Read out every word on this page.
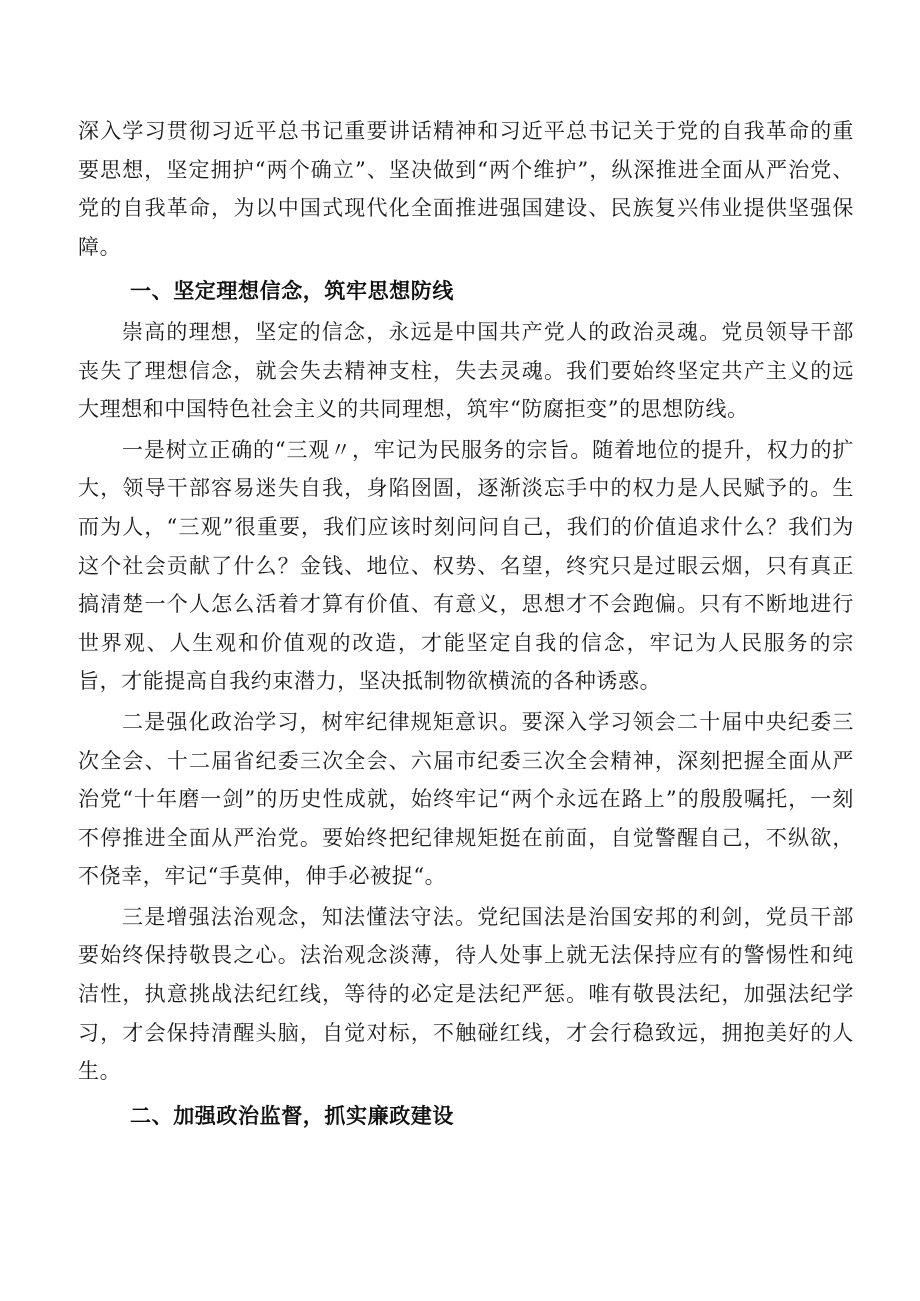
深入学习贯彻习近平总书记重要讲话精神和习近平总书记关于党的自我革命的重要思想，坚定拥护“两个确立”、坚决做到“两个维护”，纵深推进全面从严治党、党的自我革命，为以中国式现代化全面推进强国建设、民族复兴伟业提供坚强保障。

一、坚定理想信念，筑牢思想防线

崇高的理想，坚定的信念，永远是中国共产党人的政治灵魂。党员领导干部丧失了理想信念，就会失去精神支柱，失去灵魂。我们要始终坚定共产主义的远大理想和中国特色社会主义的共同理想，筑牢“防腐拒变”的思想防线。

一是树立正确的“三观〃，牢记为民服务的宗旨。随着地位的提升，权力的扩大，领导干部容易迷失自我，身陷囹圄，逐渐淡忘手中的权力是人民赋予的。生而为人，“三观”很重要，我们应该时刻问问自己，我们的价值追求什么？我们为这个社会贡献了什么？金钱、地位、权势、名望，终究只是过眼云烟，只有真正搞清楚一个人怎么活着才算有价值、有意义，思想才不会跑偏。只有不断地进行世界观、人生观和价值观的改造，才能坚定自我的信念，牢记为人民服务的宗旨，才能提高自我约束潜力，坚决抵制物欲横流的各种诱惑。

二是强化政治学习，树牢纪律规矩意识。要深入学习领会二十届中央纪委三次全会、十二届省纪委三次全会、六届市纪委三次全会精神，深刻把握全面从严治党“十年磨一剑”的历史性成就，始终牢记“两个永远在路上”的殷殷嘱托，一刻不停推进全面从严治党。要始终把纪律规矩挺在前面，自觉警醒自己，不纵欲，不侥幸，牢记“手莫伸，伸手必被捉“。

三是增强法治观念，知法懂法守法。党纪国法是治国安邦的利剑，党员干部要始终保持敬畏之心。法治观念淡薄，待人处事上就无法保持应有的警惕性和纯洁性，执意挑战法纪红线，等待的必定是法纪严惩。唯有敬畏法纪，加强法纪学习，才会保持清醒头脑，自觉对标，不触碰红线，才会行稳致远，拥抱美好的人生。

二、加强政治监督，抓实廉政建设
